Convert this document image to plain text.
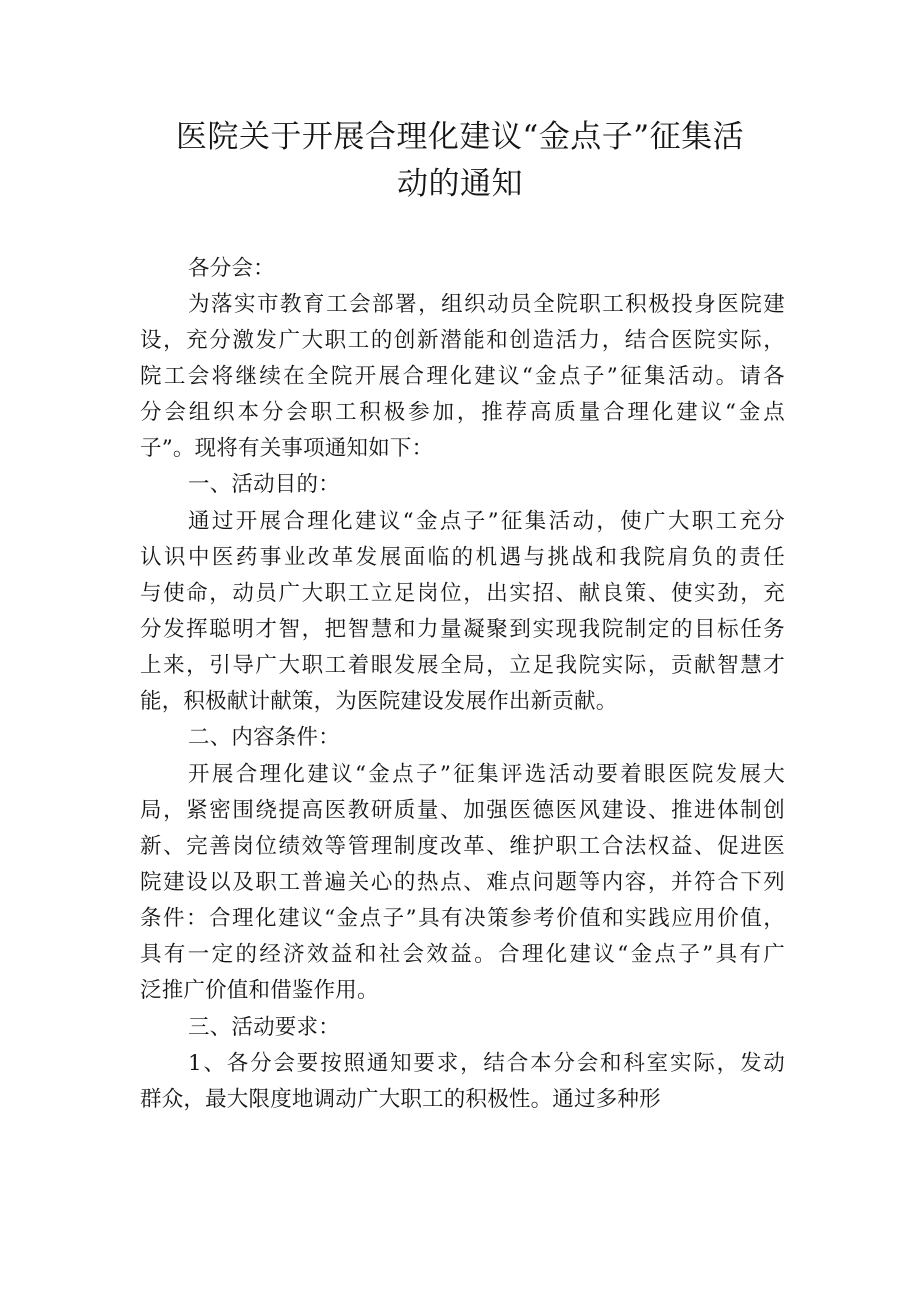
医院关于开展合理化建议“金点子”征集活
动的通知
各分会：
为落实市教育工会部署，组织动员全院职工积极投身医院建
设，充分激发广大职工的创新潜能和创造活力，结合医院实际，
院工会将继续在全院开展合理化建议“金点子”征集活动。请各
分会组织本分会职工积极参加，推荐高质量合理化建议“金点
子”。现将有关事项通知如下：
一、活动目的：
通过开展合理化建议“金点子”征集活动，使广大职工充分
认识中医药事业改革发展面临的机遇与挑战和我院肩负的责任
与使命，动员广大职工立足岗位，出实招、献良策、使实劲，充
分发挥聪明才智，把智慧和力量凝聚到实现我院制定的目标任务
上来，引导广大职工着眼发展全局，立足我院实际，贡献智慧才
能，积极献计献策，为医院建设发展作出新贡献。
二、内容条件：
开展合理化建议“金点子”征集评选活动要着眼医院发展大
局，紧密围绕提高医教研质量、加强医德医风建设、推进体制创
新、完善岗位绩效等管理制度改革、维护职工合法权益、促进医
院建设以及职工普遍关心的热点、难点问题等内容，并符合下列
条件：合理化建议“金点子”具有决策参考价值和实践应用价值，
具有一定的经济效益和社会效益。合理化建议“金点子”具有广
泛推广价值和借鉴作用。
三、活动要求：
1、各分会要按照通知要求，结合本分会和科室实际，发动
群众，最大限度地调动广大职工的积极性。通过多种形
